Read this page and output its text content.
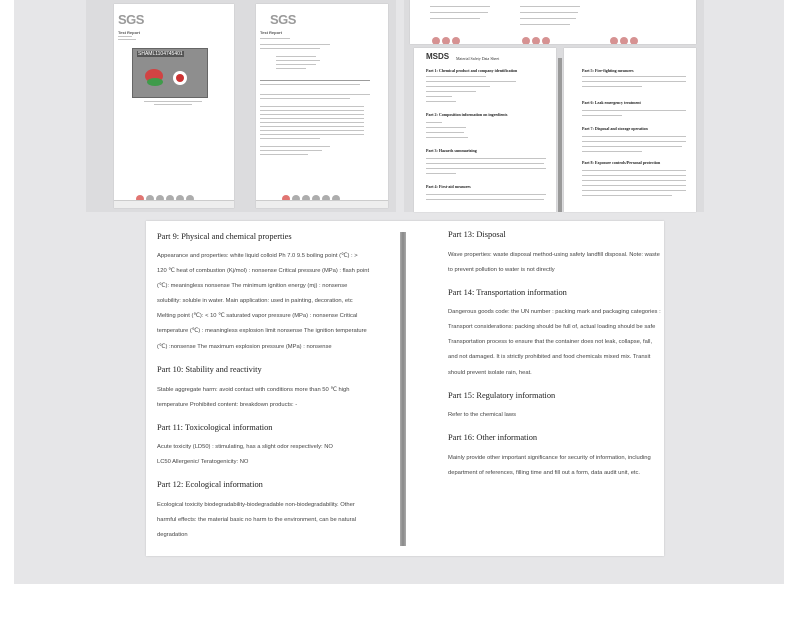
SGS
Test Report
SHAML1104745401
SGS
Test Report
MSDS Material Safety Data Sheet
Part 1: Chemical product and company identification
Part 2: Composition information on ingredients
Part 3: Hazards summarizing
Part 4: First-aid measures
Part 5: Fire-fighting measures
Part 6: Leak emergency treatment
Part 7: Disposal and storage operation
Part 8: Exposure controls/Personal protection
Part 9: Physical and chemical properties
Appearance and properties: white liquid colloid Ph 7.0 9.5 boiling point (℃) : >
120 ℃ heat of combustion (Kj/mol) : nonsense Critical pressure (MPa) : flash point
(℃): meaningless nonsense The minimum ignition energy (mj) : nonsense
solubility: soluble in water. Main application: used in painting, decoration, etc
Melting point (℃): < 10 ℃ saturated vapor pressure (MPa) : nonsense Critical
temperature (℃) : meaningless explosion limit nonsense The ignition temperature
(℃) :nonsense The maximum explosion pressure (MPa) : nonsense
Part 10: Stability and reactivity
Stable aggregate harm: avoid contact with conditions more than 50 ℃ high
temperature Prohibited content: breakdown products: -
Part 11: Toxicological information
Acute toxicity (LD50) : stimulating, has a slight odor respectively: NO
LC50 Allergenic/ Teratogenicity: NO
Part 12: Ecological information
Ecological toxicity biodegradability-biodegradable non-biodegradability. Other
harmful effects: the material basic no harm to the environment, can be natural
degradation
Part 13: Disposal
Wave properties: waste disposal method-using safety landfill disposal. Note: waste
to prevent pollution to water is not directly
Part 14: Transportation information
Dangerous goods code: the UN number : packing mark and packaging categories :
Transport considerations: packing should be full of, actual loading should be safe
Transportation process to ensure that the container does not leak, collapse, fall,
and not damaged. It is strictly prohibited and food chemicals mixed mix. Transit
should prevent isolate rain, heat.
Part 15: Regulatory information
Refer to the chemical laws
Part 16: Other information
Mainly provide other important significance for security of information, including
department of references, filling time and fill out a form, data audit unit, etc.
